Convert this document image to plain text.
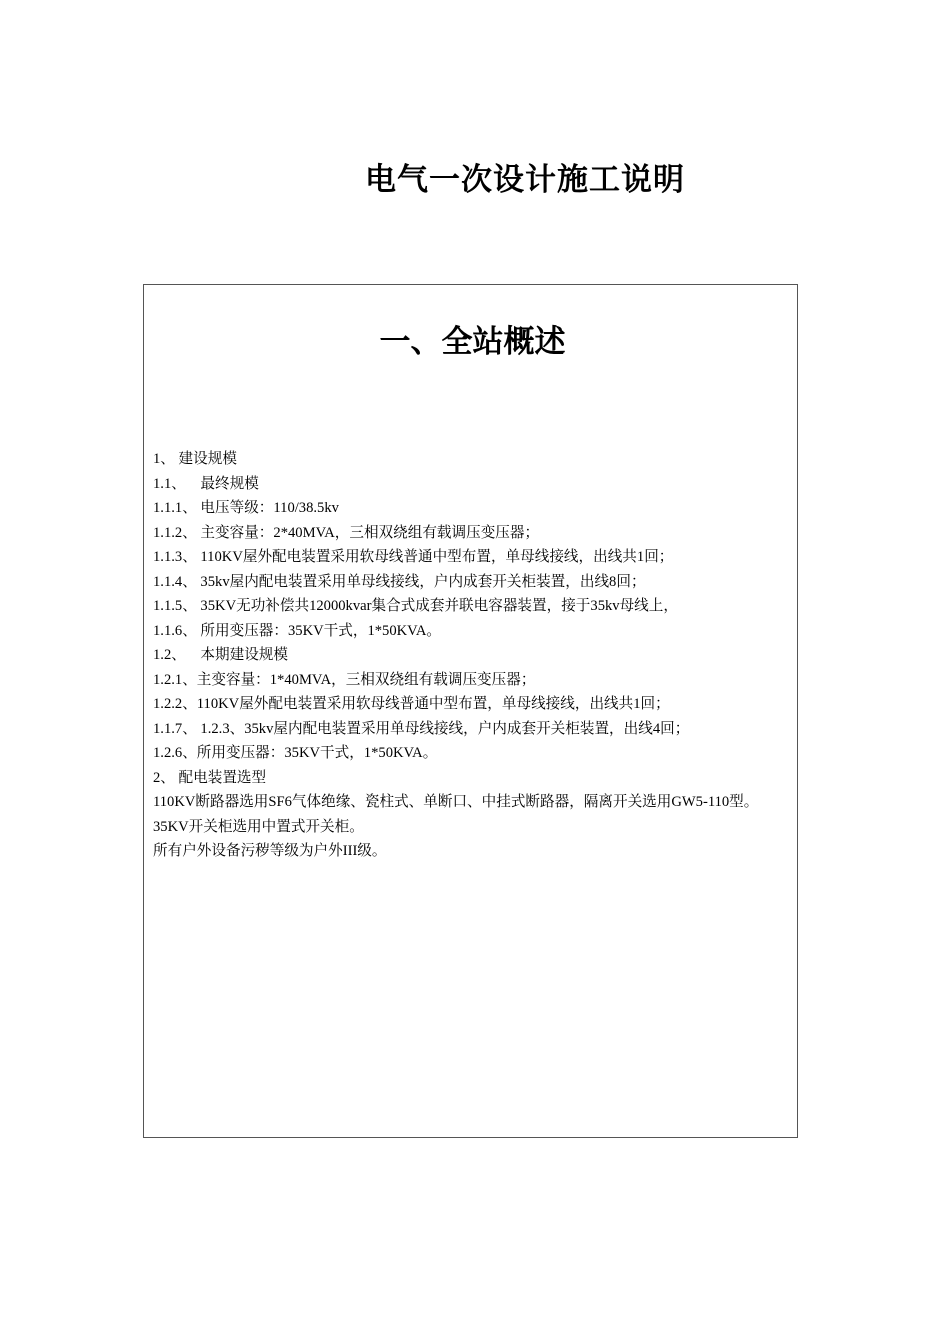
电气一次设计施工说明
一、全站概述
1、 建设规模
1.1、    最终规模
1.1.1、 电压等级：110/38.5kv
1.1.2、 主变容量：2*40MVA，三相双绕组有载调压变压器；
1.1.3、 110KV屋外配电装置采用软母线普通中型布置，单母线接线，出线共1回；
1.1.4、 35kv屋内配电装置采用单母线接线，户内成套开关柜装置，出线8回；
1.1.5、 35KV无功补偿共12000kvar集合式成套并联电容器装置，接于35kv母线上，
1.1.6、 所用变压器：35KV干式，1*50KVA。
1.2、    本期建设规模
1.2.1、主变容量：1*40MVA，三相双绕组有载调压变压器；
1.2.2、110KV屋外配电装置采用软母线普通中型布置，单母线接线，出线共1回；
1.1.7、 1.2.3、35kv屋内配电装置采用单母线接线，户内成套开关柜装置，出线4回；
1.2.6、所用变压器：35KV干式，1*50KVA。
2、 配电装置选型
110KV断路器选用SF6气体绝缘、瓷柱式、单断口、中挂式断路器，隔离开关选用GW5-110型。
35KV开关柜选用中置式开关柜。
所有户外设备污秽等级为户外III级。
